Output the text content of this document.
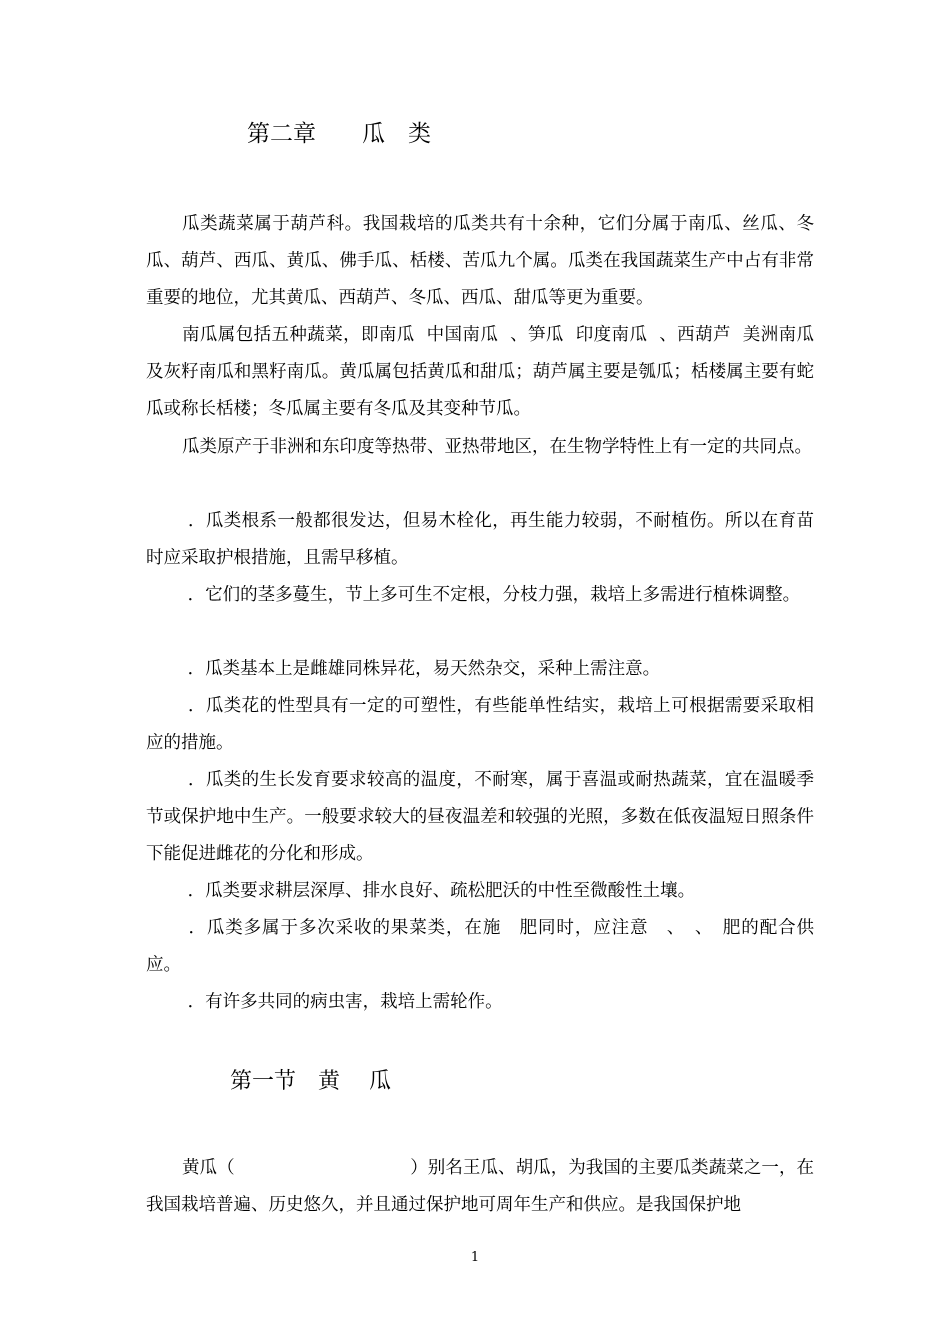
第二章　　瓜　类

瓜类蔬菜属于葫芦科。我国栽培的瓜类共有十余种，它们分属于南瓜、丝瓜、冬瓜、葫芦、西瓜、黄瓜、佛手瓜、栝楼、苦瓜九个属。瓜类在我国蔬菜生产中占有非常重要的地位，尤其黄瓜、西葫芦、冬瓜、西瓜、甜瓜等更为重要。

南瓜属包括五种蔬菜，即南瓜  中国南瓜  、笋瓜  印度南瓜  、西葫芦  美洲南瓜  及灰籽南瓜和黑籽南瓜。黄瓜属包括黄瓜和甜瓜；葫芦属主要是瓠瓜；栝楼属主要有蛇瓜或称长栝楼；冬瓜属主要有冬瓜及其变种节瓜。

瓜类原产于非洲和东印度等热带、亚热带地区，在生物学特性上有一定的共同点。

．瓜类根系一般都很发达，但易木栓化，再生能力较弱，不耐植伤。所以在育苗时应采取护根措施，且需早移植。

．它们的茎多蔓生，节上多可生不定根，分枝力强，栽培上多需进行植株调整。

．瓜类基本上是雌雄同株异花，易天然杂交，采种上需注意。

．瓜类花的性型具有一定的可塑性，有些能单性结实，栽培上可根据需要采取相应的措施。

．瓜类的生长发育要求较高的温度，不耐寒，属于喜温或耐热蔬菜，宜在温暖季节或保护地中生产。一般要求较大的昼夜温差和较强的光照，多数在低夜温短日照条件下能促进雌花的分化和形成。

．瓜类要求耕层深厚、排水良好、疏松肥沃的中性至微酸性土壤。

．瓜类多属于多次采收的果菜类，在施　肥同时，应注意　、　、　肥的配合供应。

．有许多共同的病虫害，栽培上需轮作。

第一节　黄　 瓜

黄瓜（　　　　　　　　　　）别名王瓜、胡瓜，为我国的主要瓜类蔬菜之一，在我国栽培普遍、历史悠久，并且通过保护地可周年生产和供应。是我国保护地

1
